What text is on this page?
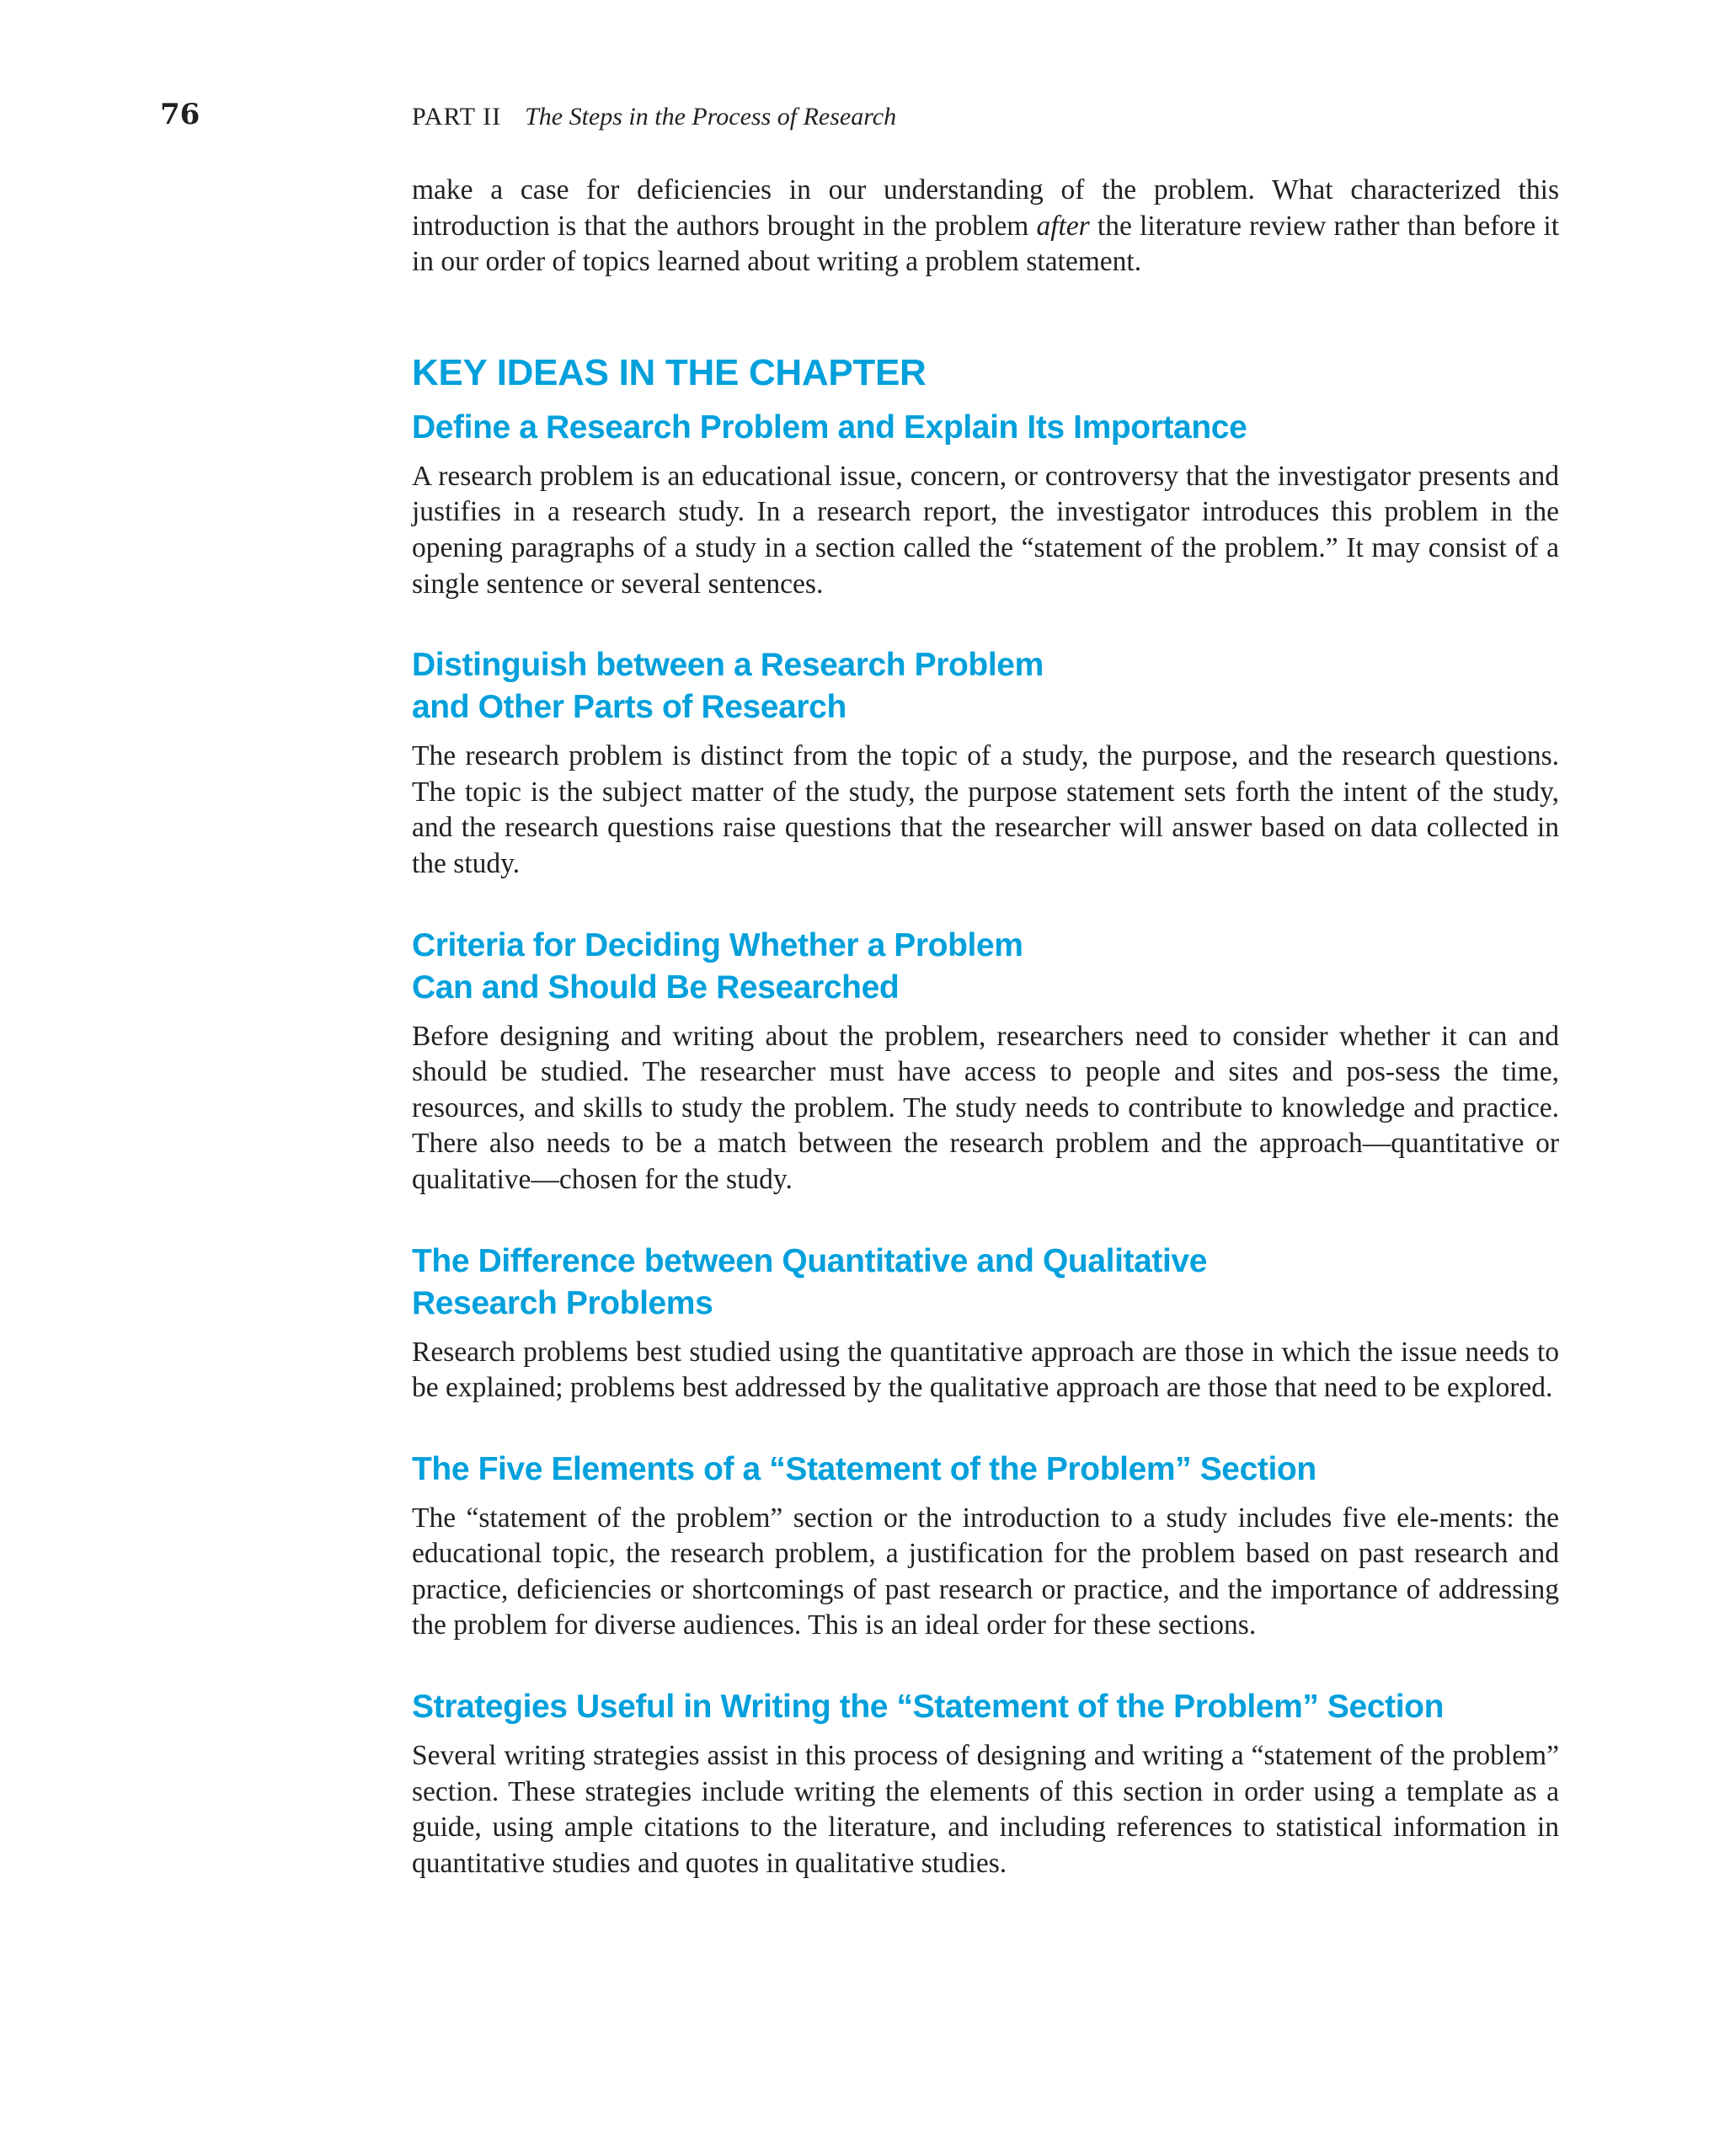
76	PART II The Steps in the Process of Research

make a case for deficiencies in our understanding of the problem. What characterized this introduction is that the authors brought in the problem after the literature review rather than before it in our order of topics learned about writing a problem statement.

KEY IDEAS IN THE CHAPTER
Define a Research Problem and Explain Its Importance

A research problem is an educational issue, concern, or controversy that the investigator presents and justifies in a research study. In a research report, the investigator introduces this problem in the opening paragraphs of a study in a section called the “statement of the problem.” It may consist of a single sentence or several sentences.

Distinguish between a Research Problem
and Other Parts of Research

The research problem is distinct from the topic of a study, the purpose, and the research questions. The topic is the subject matter of the study, the purpose statement sets forth the intent of the study, and the research questions raise questions that the researcher will answer based on data collected in the study.

Criteria for Deciding Whether a Problem
Can and Should Be Researched

Before designing and writing about the problem, researchers need to consider whether it can and should be studied. The researcher must have access to people and sites and pos-sess the time, resources, and skills to study the problem. The study needs to contribute to knowledge and practice. There also needs to be a match between the research problem and the approach—quantitative or qualitative—chosen for the study.

The Difference between Quantitative and Qualitative
Research Problems

Research problems best studied using the quantitative approach are those in which the issue needs to be explained; problems best addressed by the qualitative approach are those that need to be explored.

The Five Elements of a “Statement of the Problem” Section

The “statement of the problem” section or the introduction to a study includes five ele-ments: the educational topic, the research problem, a justification for the problem based on past research and practice, deficiencies or shortcomings of past research or practice, and the importance of addressing the problem for diverse audiences. This is an ideal order for these sections.

Strategies Useful in Writing the “Statement of the Problem” Section

Several writing strategies assist in this process of designing and writing a “statement of the problem” section. These strategies include writing the elements of this section in order using a template as a guide, using ample citations to the literature, and including references to statistical information in quantitative studies and quotes in qualitative studies.
